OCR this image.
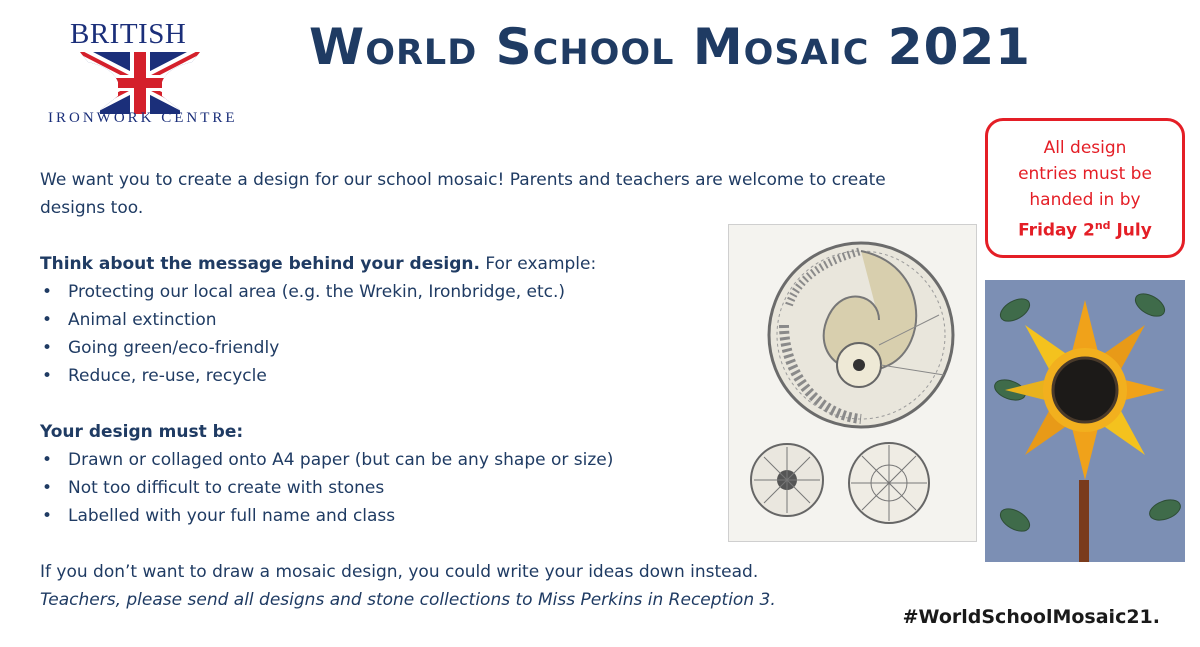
BRITISH
IRONWORK CENTRE
World School Mosaic 2021

We want you to create a design for our school mosaic! Parents and teachers are welcome to create designs too.

Think about the message behind your design. For example:

• Protecting our local area (e.g. the Wrekin, Ironbridge, etc.)
• Animal extinction
• Going green/eco-friendly
• Reduce, re-use, recycle

Your design must be:

• Drawn or collaged onto A4 paper (but can be any shape or size)
• Not too difficult to create with stones
• Labelled with your full name and class

If you don’t want to draw a mosaic design, you could write your ideas down instead.

Teachers, please send all designs and stone collections to Miss Perkins in Reception 3.

All design
entries must be
handed in by
Friday 2nd July
#WorldSchoolMosaic21.
